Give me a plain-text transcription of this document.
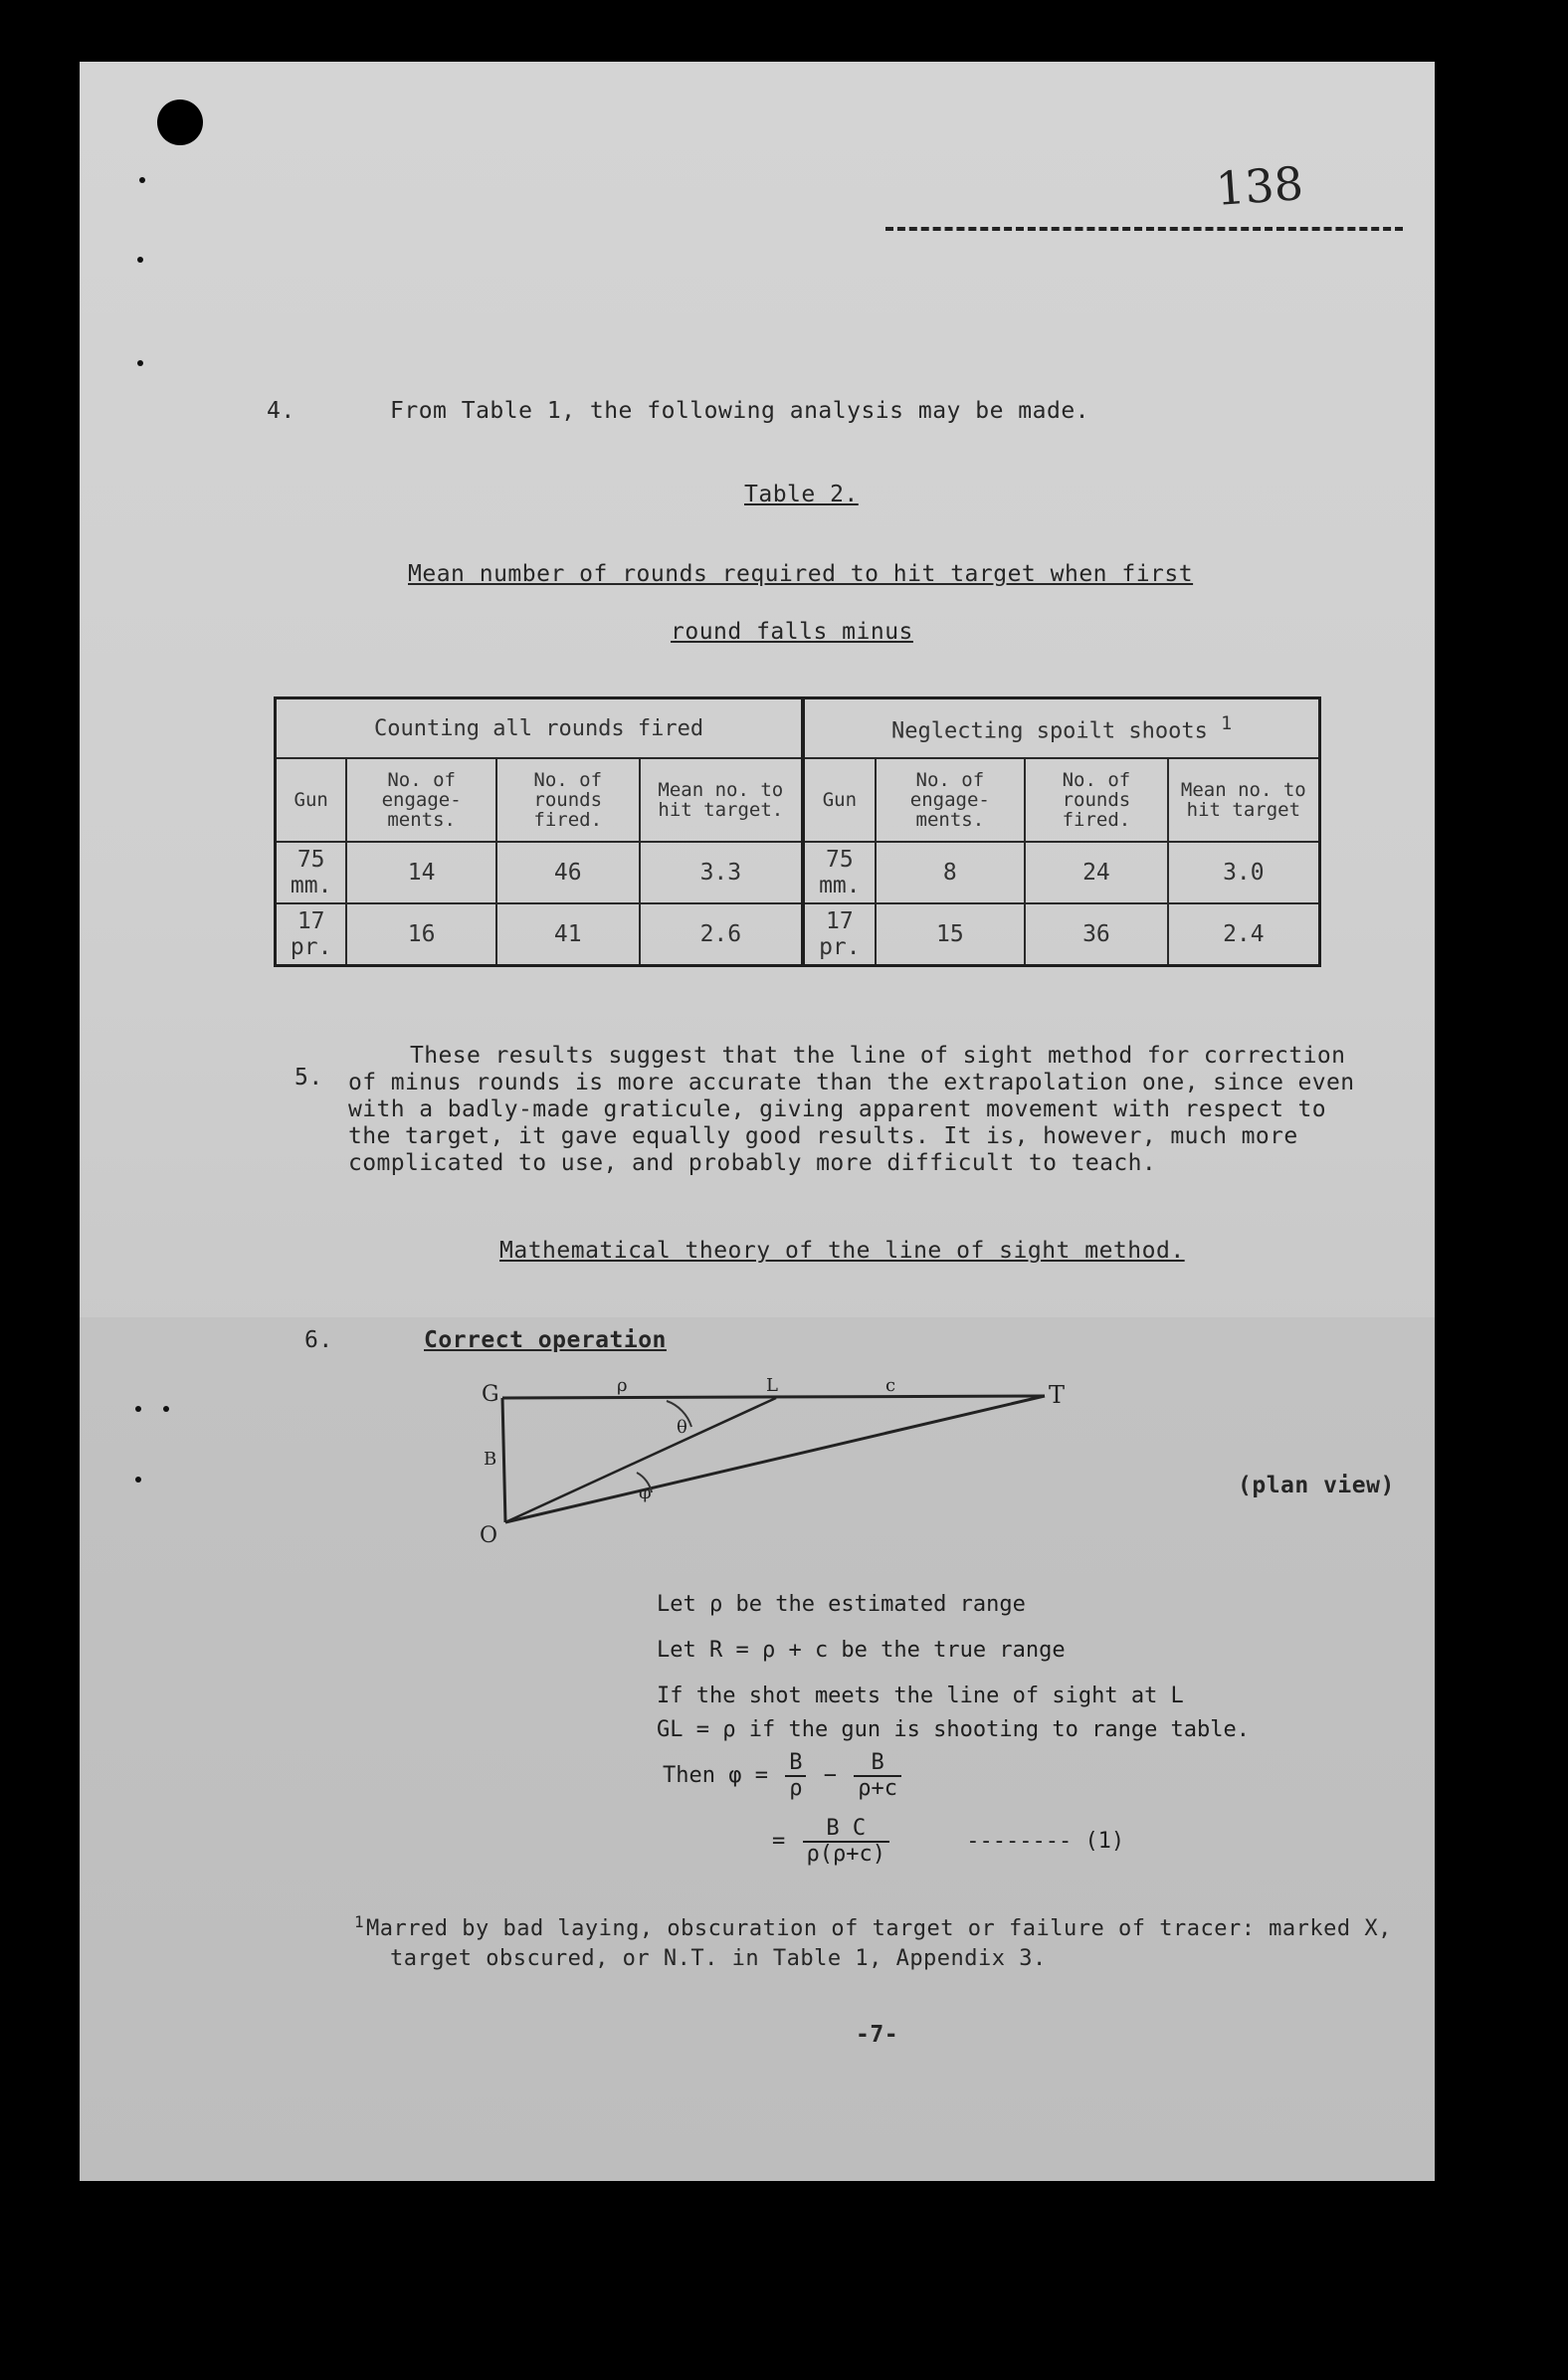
138
4.	From Table 1, the following analysis may be made.
Table 2.
Mean number of rounds required to hit target when first
round falls minus
Counting all rounds fired				Neglecting spoilt shoots $^1$
Gun	No. of engage-ments.	No. of rounds fired.	Mean no. to hit target.	Gun	No. of engage-ments.	No. of rounds fired.	Mean no. to hit target
75 mm.	14	46	3.3	75 mm.	8	24	3.0
17 pr.	16	41	2.6	17 pr.	15	36	2.4
5.
These results suggest that the line of sight method for correction of minus rounds is more accurate than the extrapolation one, since even with a badly-made graticule, giving apparent movement with respect to the target, it gave equally good results. It is, however, much more complicated to use, and probably more difficult to teach.
Mathematical theory of the line of sight method.
6.	Correct operation
G	T
O
ρ	L	c
B
θ
φ	(plan view)
Let ρ be the estimated range
Let R = ρ + c be the true range
If the shot meets the line of sight at L
GL = ρ if the gun is shooting to range table.
Then $\varphi = \frac{B}{\rho} - \frac{B}{\rho+c}$
= $\frac{\text{B C}}{\rho(\rho+c)}$	-------- (1)
1 Marred by bad laying, obscuration of target or failure of tracer: marked X,
target obscured, or N.T. in Table 1, Appendix 3.
-7-
